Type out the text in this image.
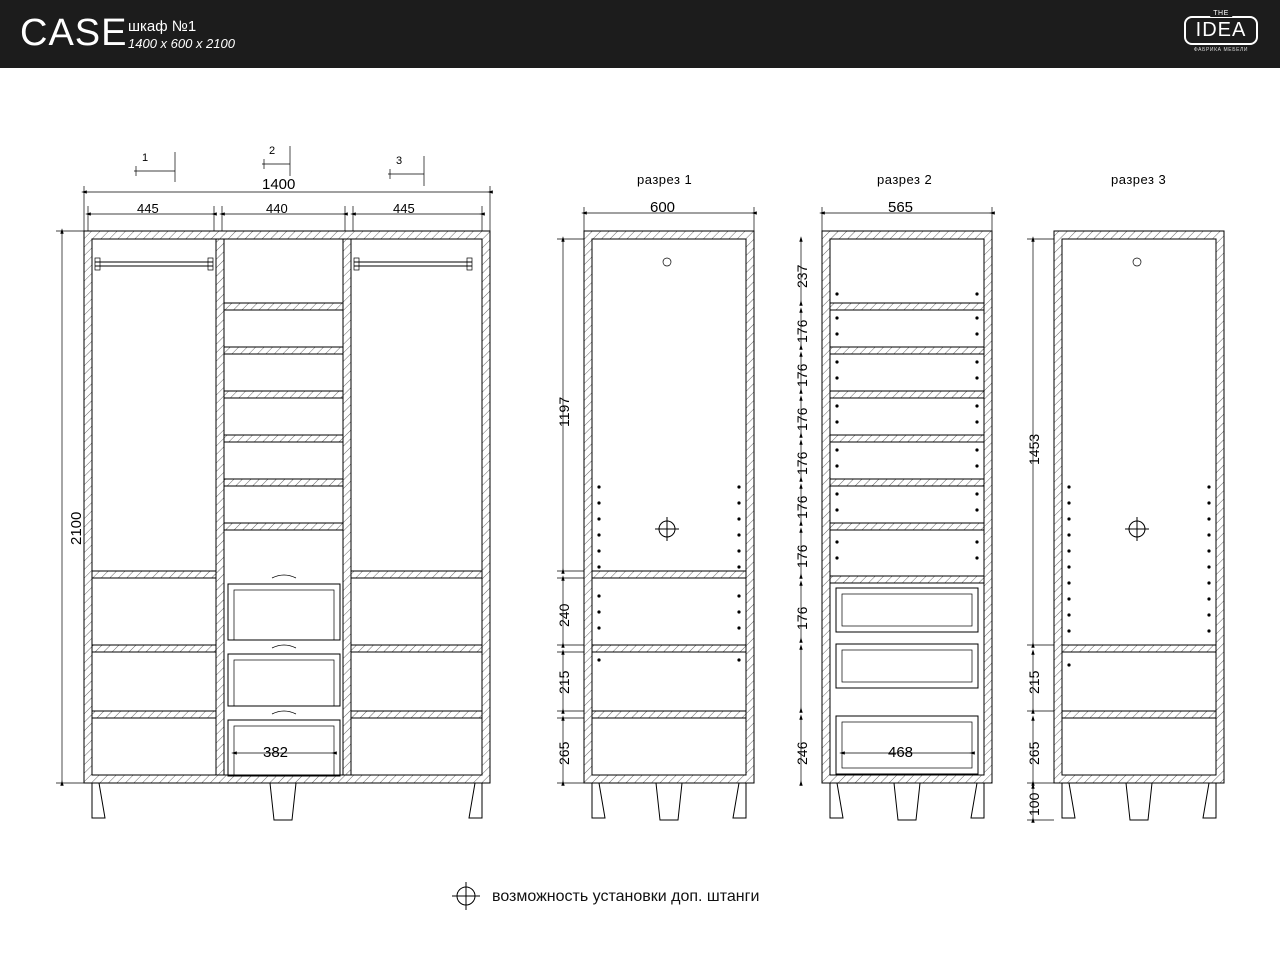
CASE шкаф №1
1400 x 600 x 2100
IDEA
THE
ФАБРИКА МЕБЕЛИ
1400
445	440	445
2100
1
2
3
382
разрез 1	разрез 2	разрез 3
600
1197
240
215
265
565
237
176
176
176
176
176
176
176
246	468
1453
215
265
100
возможность установки доп. штанги
